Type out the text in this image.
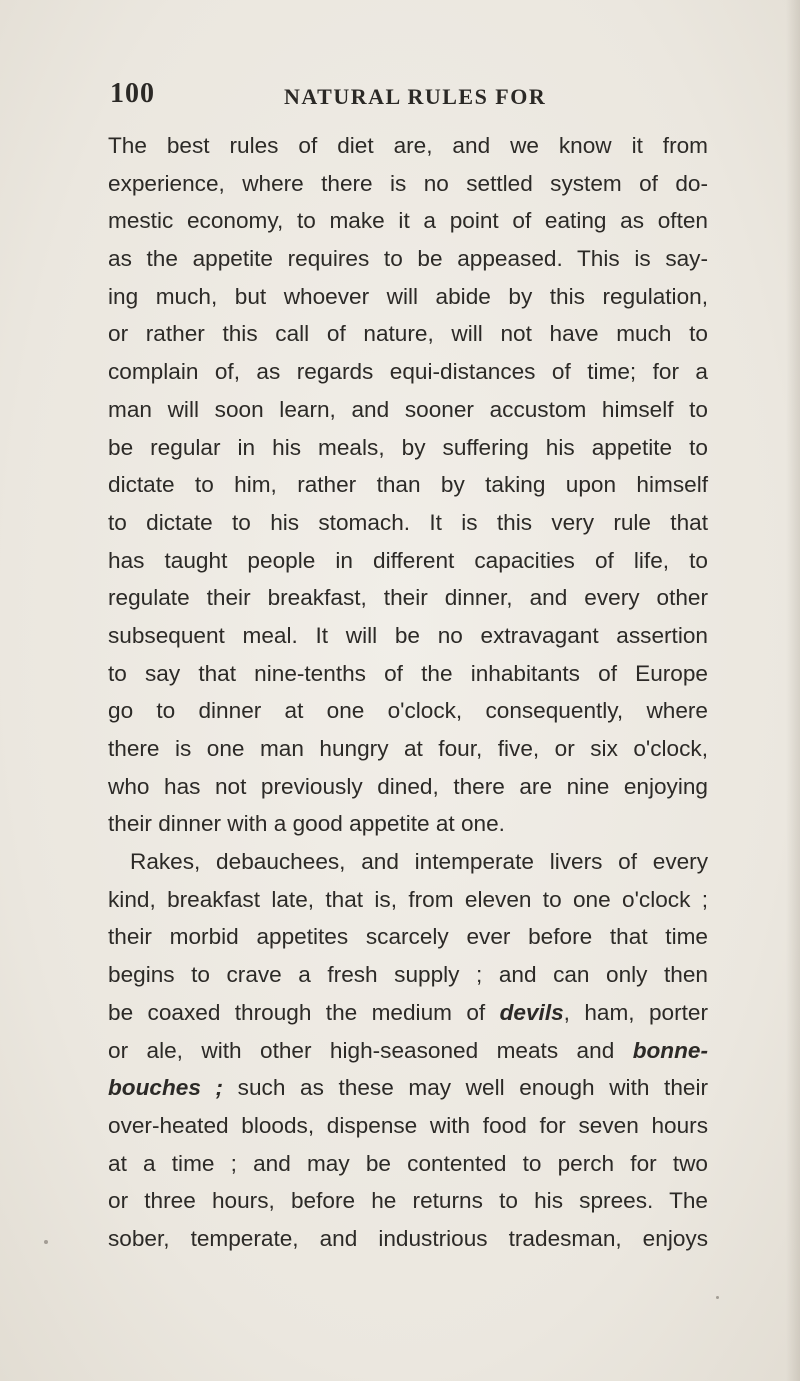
100	NATURAL RULES FOR
The best rules of diet are, and we know it from
experience, where there is no settled system of do-
mestic economy, to make it a point of eating as often
as the appetite requires to be appeased. This is say-
ing much, but whoever will abide by this regulation,
or rather this call of nature, will not have much to
complain of, as regards equi-distances of time; for a
man will soon learn, and sooner accustom himself to
be regular in his meals, by suffering his appetite to
dictate to him, rather than by taking upon himself
to dictate to his stomach. It is this very rule that
has taught people in different capacities of life, to
regulate their breakfast, their dinner, and every other
subsequent meal. It will be no extravagant assertion
to say that nine-tenths of the inhabitants of Europe
go to dinner at one o'clock, consequently, where
there is one man hungry at four, five, or six o'clock,
who has not previously dined, there are nine enjoying
their dinner with a good appetite at one.
Rakes, debauchees, and intemperate livers of every
kind, breakfast late, that is, from eleven to one o'clock ;
their morbid appetites scarcely ever before that time
begins to crave a fresh supply ; and can only then
be coaxed through the medium of devils, ham, porter
or ale, with other high-seasoned meats and bonne-
bouches ; such as these may well enough with their
over-heated bloods, dispense with food for seven hours
at a time ; and may be contented to perch for two
or three hours, before he returns to his sprees. The
sober, temperate, and industrious tradesman, enjoys
